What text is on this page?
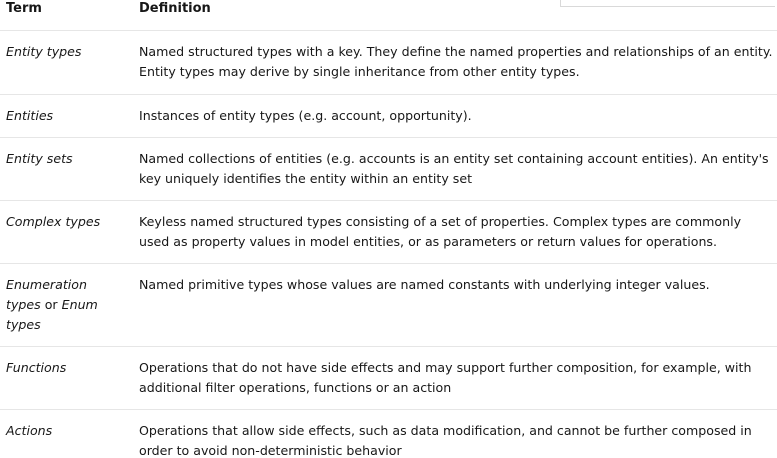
Term	Definition
Entity types	Named structured types with a key. They define the named properties and relationships of an entity. Entity types may derive by single inheritance from other entity types.
Entities	Instances of entity types (e.g. account, opportunity).
Entity sets	Named collections of entities (e.g. accounts is an entity set containing account entities). An entity's key uniquely identifies the entity within an entity set
Complex types	Keyless named structured types consisting of a set of properties. Complex types are commonly used as property values in model entities, or as parameters or return values for operations.
Enumeration types or Enum types	Named primitive types whose values are named constants with underlying integer values.
Functions	Operations that do not have side effects and may support further composition, for example, with additional filter operations, functions or an action
Actions	Operations that allow side effects, such as data modification, and cannot be further composed in order to avoid non-deterministic behavior
